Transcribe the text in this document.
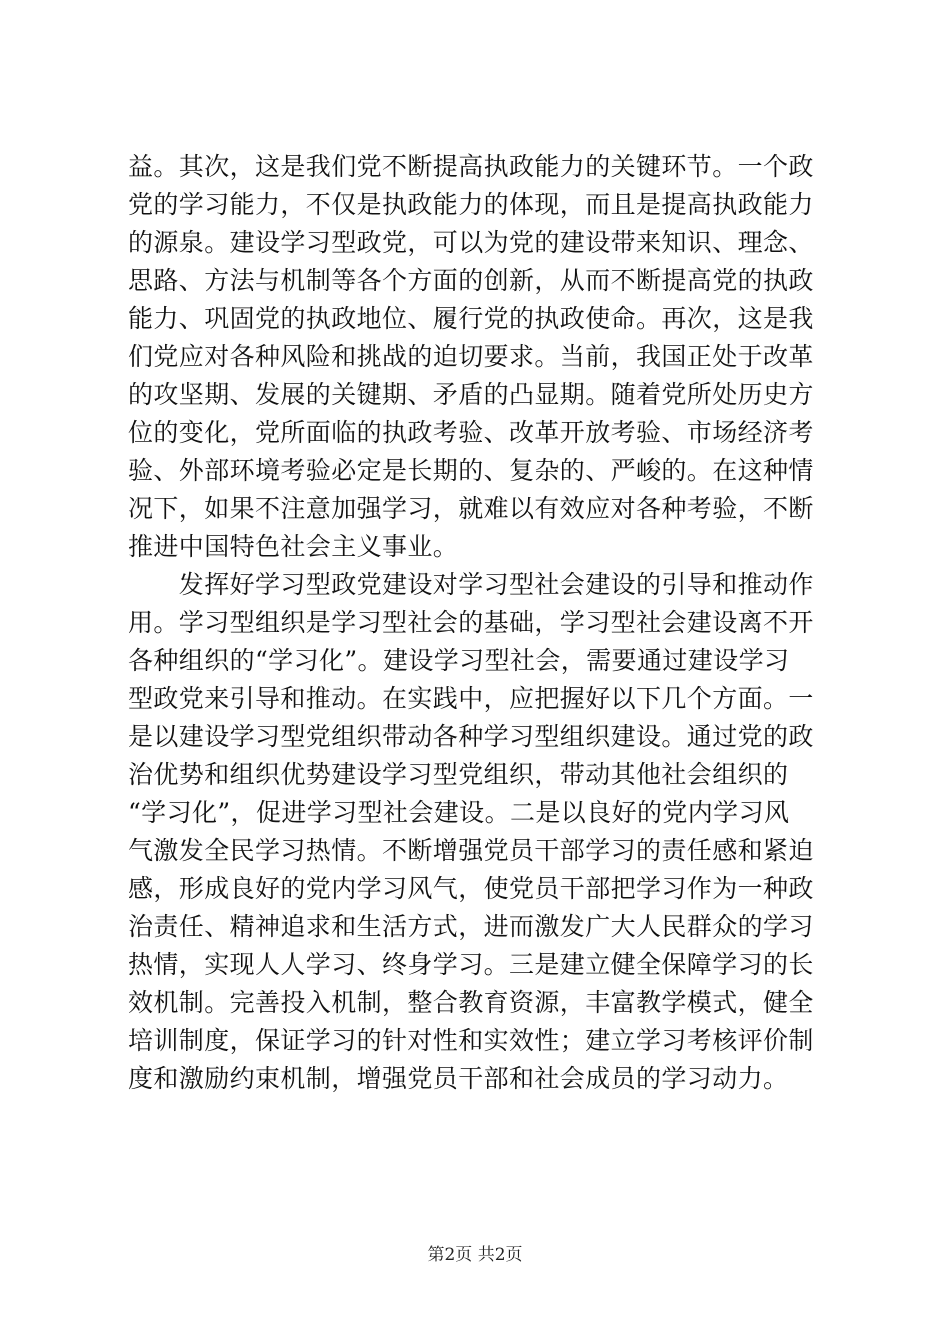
益。其次，这是我们党不断提高执政能力的关键环节。一个政
党的学习能力，不仅是执政能力的体现，而且是提高执政能力
的源泉。建设学习型政党，可以为党的建设带来知识、理念、
思路、方法与机制等各个方面的创新，从而不断提高党的执政
能力、巩固党的执政地位、履行党的执政使命。再次，这是我
们党应对各种风险和挑战的迫切要求。当前，我国正处于改革
的攻坚期、发展的关键期、矛盾的凸显期。随着党所处历史方
位的变化，党所面临的执政考验、改革开放考验、市场经济考
验、外部环境考验必定是长期的、复杂的、严峻的。在这种情
况下，如果不注意加强学习，就难以有效应对各种考验，不断
推进中国特色社会主义事业。
　　发挥好学习型政党建设对学习型社会建设的引导和推动作
用。学习型组织是学习型社会的基础，学习型社会建设离不开
各种组织的“学习化”。建设学习型社会，需要通过建设学习
型政党来引导和推动。在实践中，应把握好以下几个方面。一
是以建设学习型党组织带动各种学习型组织建设。通过党的政
治优势和组织优势建设学习型党组织，带动其他社会组织的
“学习化”，促进学习型社会建设。二是以良好的党内学习风
气激发全民学习热情。不断增强党员干部学习的责任感和紧迫
感，形成良好的党内学习风气，使党员干部把学习作为一种政
治责任、精神追求和生活方式，进而激发广大人民群众的学习
热情，实现人人学习、终身学习。三是建立健全保障学习的长
效机制。完善投入机制，整合教育资源，丰富教学模式，健全
培训制度，保证学习的针对性和实效性；建立学习考核评价制
度和激励约束机制，增强党员干部和社会成员的学习动力。
第2页 共2页
